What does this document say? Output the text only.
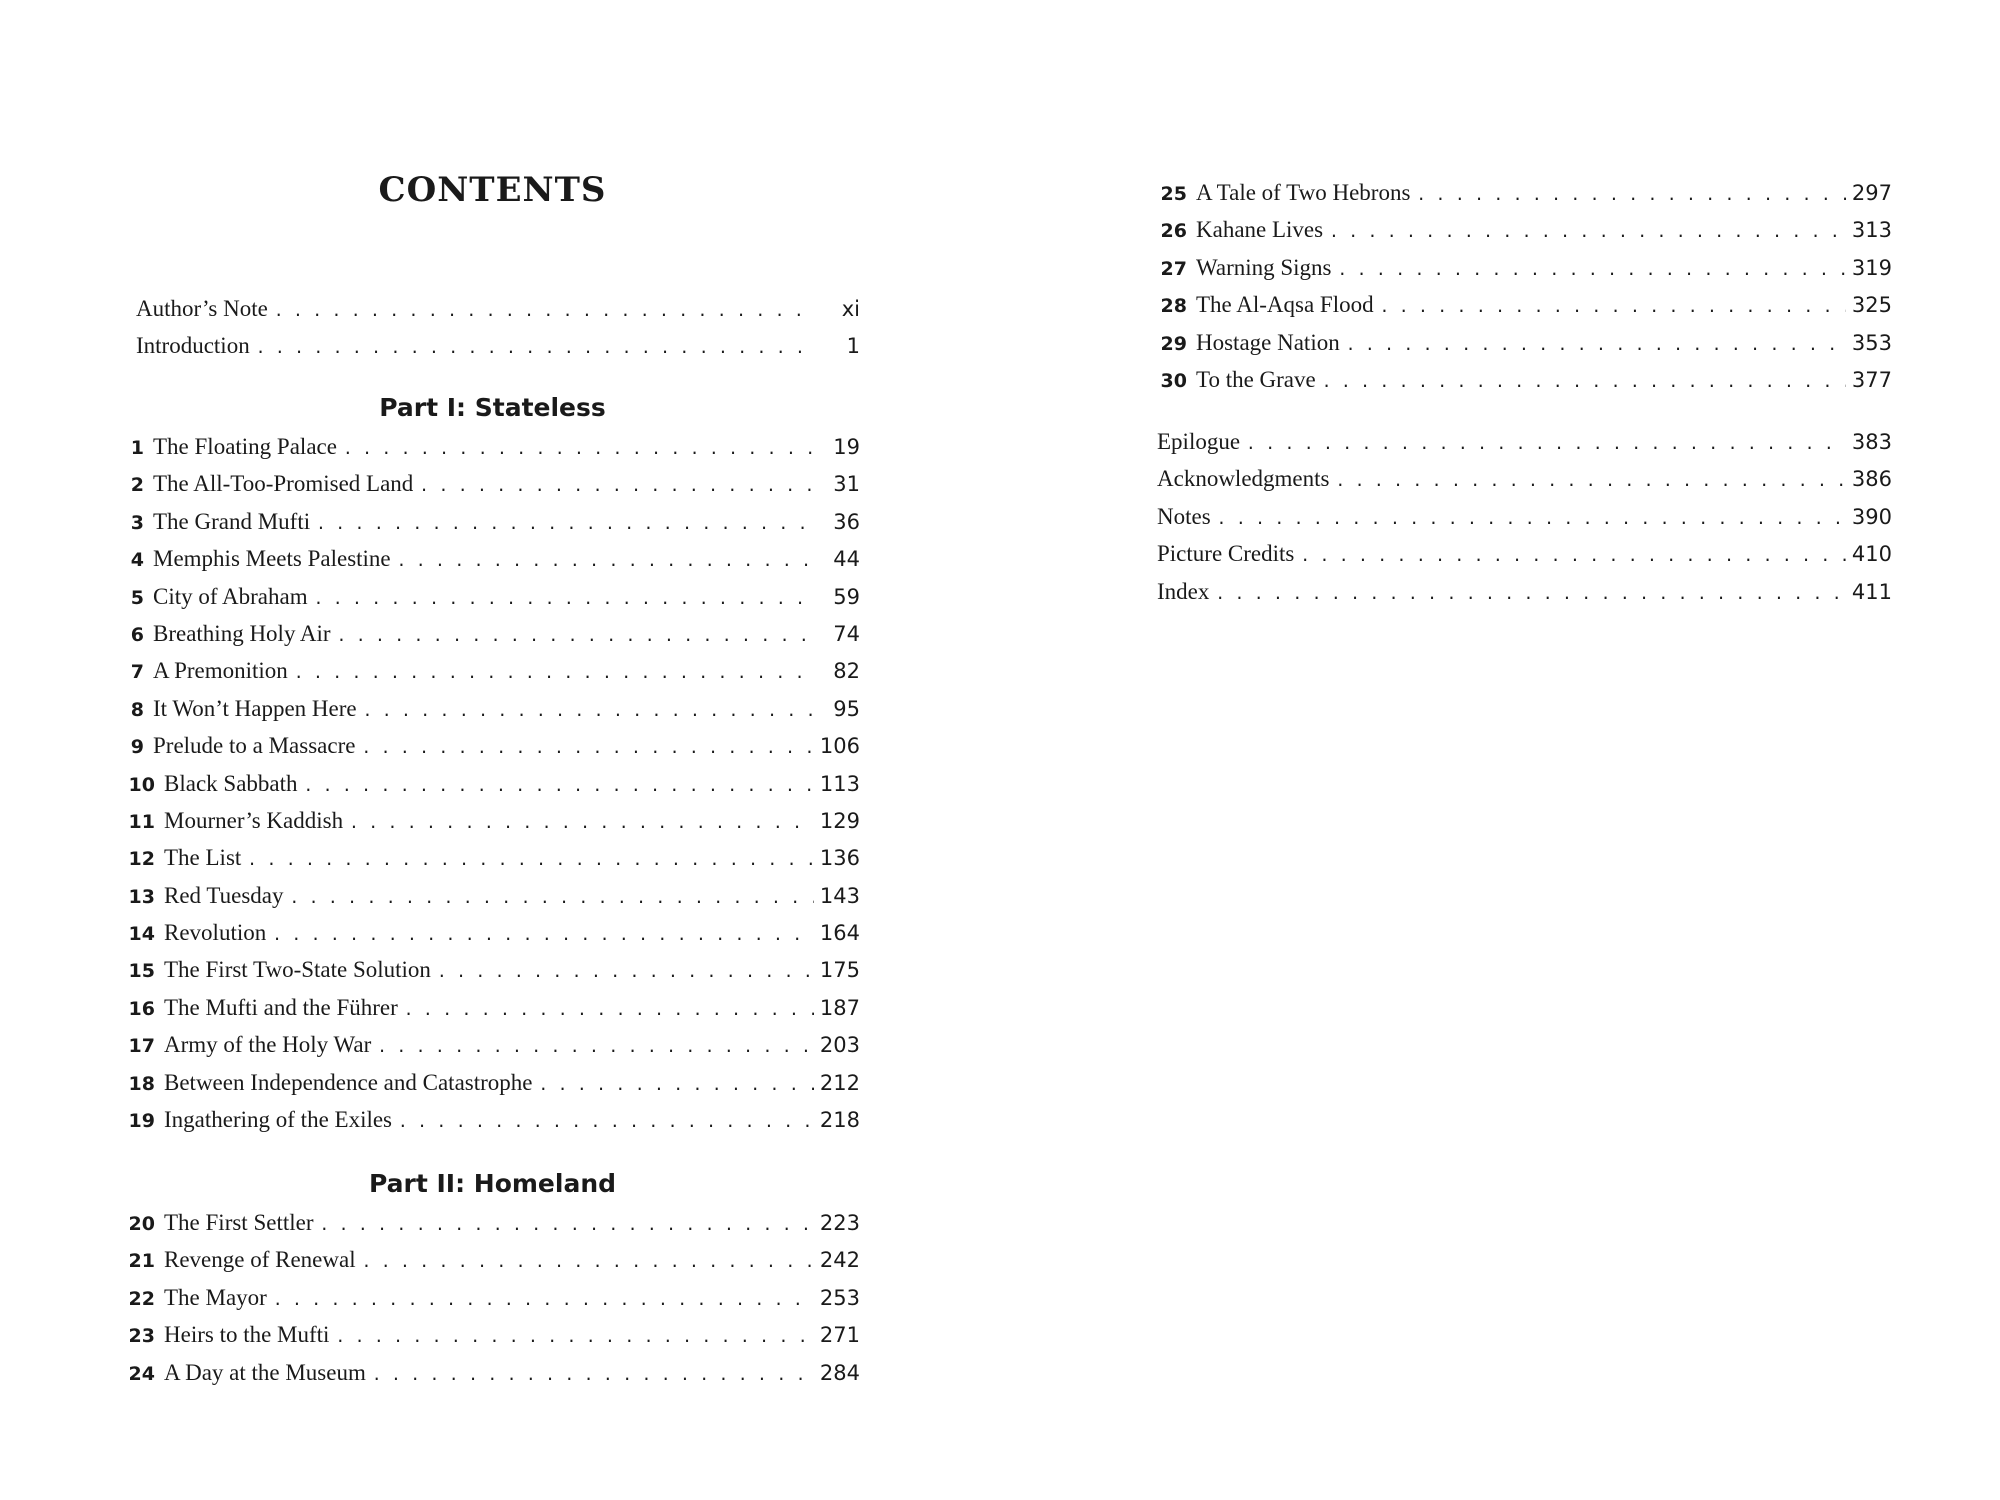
CONTENTS
Author’s Note . . .	xi
Introduction . . .	1
Part I: Stateless
1 The Floating Palace . . .	19
2 The All-Too-Promised Land . . .	31
3 The Grand Mufti . . .	36
4 Memphis Meets Palestine . . .	44
5 City of Abraham . . .	59
6 Breathing Holy Air . . .	74
7 A Premonition . . .	82
8 It Won’t Happen Here . . .	95
9 Prelude to a Massacre . . .	106
10 Black Sabbath . . .	113
11 Mourner’s Kaddish . . .	129
12 The List . . .	136
13 Red Tuesday . . .	143
14 Revolution . . .	164
15 The First Two-State Solution . . .	175
16 The Mufti and the Führer . . .	187
17 Army of the Holy War . . .	203
18 Between Independence and Catastrophe . . .	212
19 Ingathering of the Exiles . . .	218
Part II: Homeland
20 The First Settler . . .	223
21 Revenge of Renewal . . .	242
22 The Mayor . . .	253
23 Heirs to the Mufti . . .	271
24 A Day at the Museum . . .	284
25 A Tale of Two Hebrons . . .	297
26 Kahane Lives . . .	313
27 Warning Signs . . .	319
28 The Al-Aqsa Flood . . .	325
29 Hostage Nation . . .	353
30 To the Grave . . .	377
Epilogue . . .	383
Acknowledgments . . .	386
Notes . . .	390
Picture Credits . . .	410
Index . . .	411
